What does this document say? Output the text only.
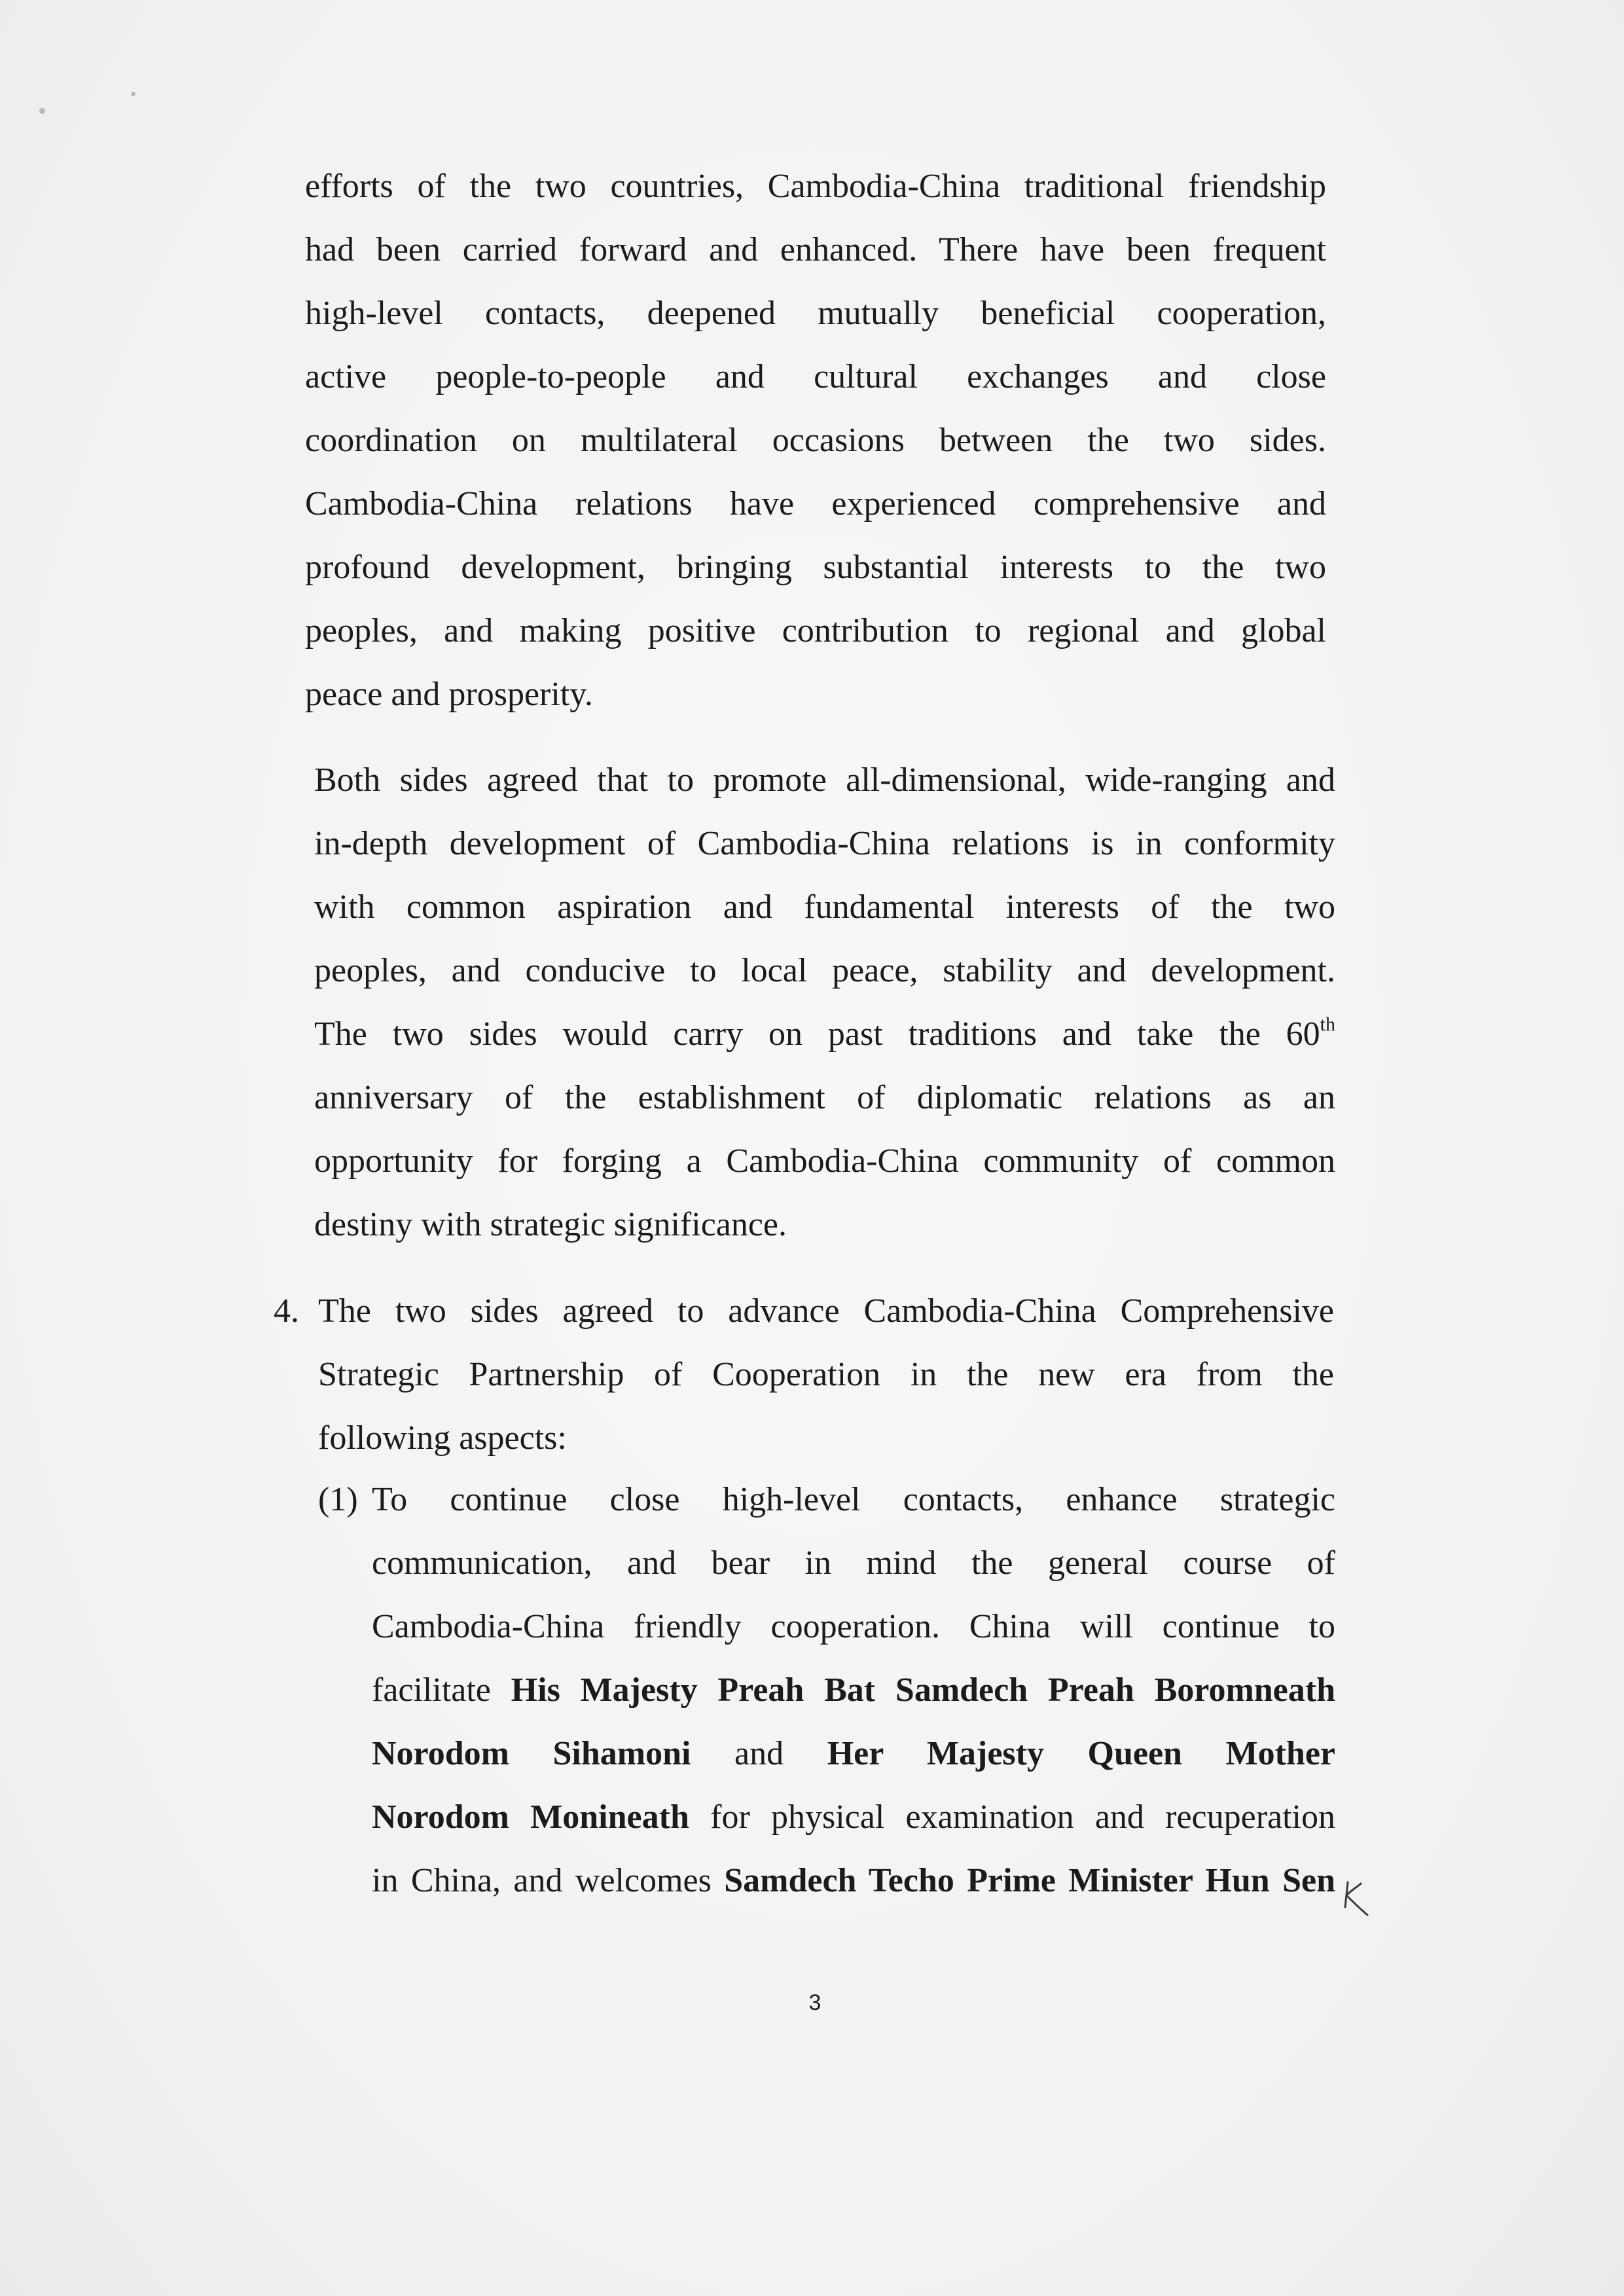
efforts of the two countries, Cambodia-China traditional friendship
had been carried forward and enhanced. There have been frequent
high-level contacts, deepened mutually beneficial cooperation,
active people-to-people and cultural exchanges and close
coordination on multilateral occasions between the two sides.
Cambodia-China relations have experienced comprehensive and
profound development, bringing substantial interests to the two
peoples, and making positive contribution to regional and global
peace and prosperity.
Both sides agreed that to promote all-dimensional, wide-ranging and
in-depth development of Cambodia-China relations is in conformity
with common aspiration and fundamental interests of the two
peoples, and conducive to local peace, stability and development.
The two sides would carry on past traditions and take the 60th
anniversary of the establishment of diplomatic relations as an
opportunity for forging a Cambodia-China community of common
destiny with strategic significance.
4. The two sides agreed to advance Cambodia-China Comprehensive
Strategic Partnership of Cooperation in the new era from the
following aspects:
(1) To continue close high-level contacts, enhance strategic
communication, and bear in mind the general course of
Cambodia-China friendly cooperation. China will continue to
facilitate His Majesty Preah Bat Samdech Preah Boromneath
Norodom Sihamoni and Her Majesty Queen Mother
Norodom Monineath for physical examination and recuperation
in China, and welcomes Samdech Techo Prime Minister Hun Sen
3
